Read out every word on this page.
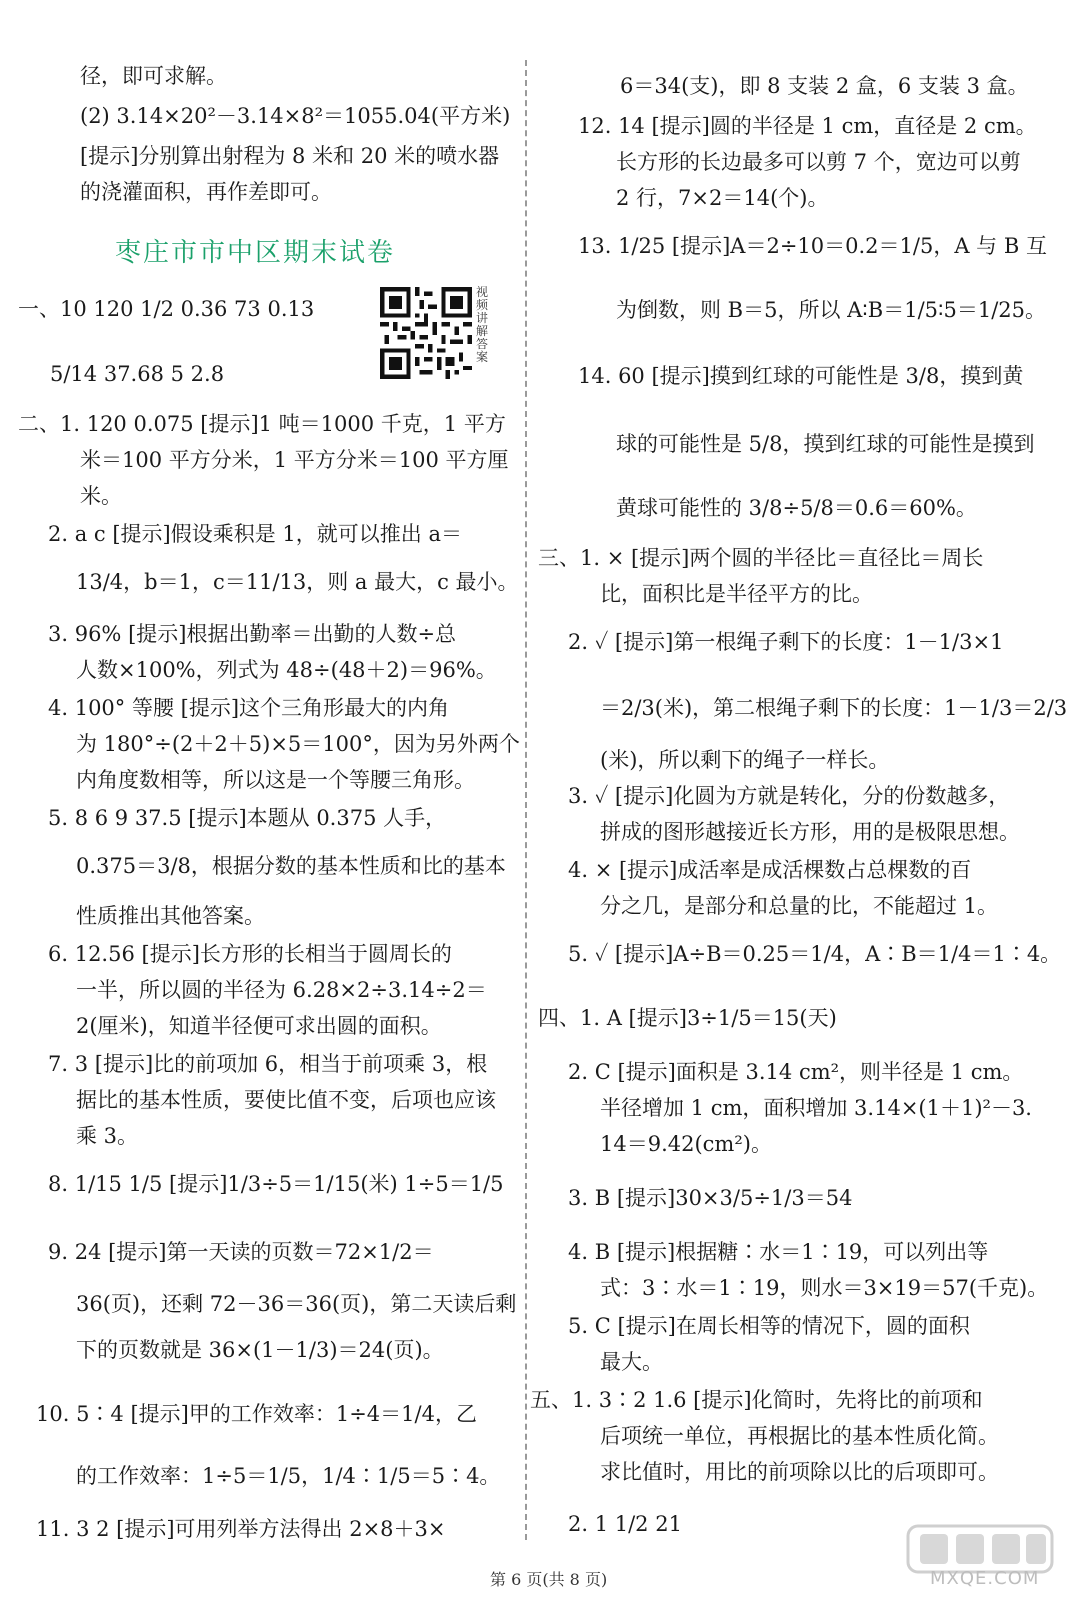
径，即可求解。
(2) 3.14×20²－3.14×8²＝1055.04(平方米)
[提示]分别算出射程为 8 米和 20 米的喷水器
的浇灌面积，再作差即可。
一、10 120 1/2 0.36 73 0.13
5/14 37.68 5 2.8
二、1. 120 0.075 [提示]1 吨＝1000 千克，1 平方
米＝100 平方分米，1 平方分米＝100 平方厘
米。
2. a c [提示]假设乘积是 1，就可以推出 a＝
13/4，b＝1，c＝11/13，则 a 最大，c 最小。
3. 96% [提示]根据出勤率＝出勤的人数÷总
人数×100%，列式为 48÷(48＋2)＝96%。
4. 100° 等腰 [提示]这个三角形最大的内角
为 180°÷(2＋2＋5)×5＝100°，因为另外两个
内角度数相等，所以这是一个等腰三角形。
5. 8 6 9 37.5 [提示]本题从 0.375 人手，
0.375＝3/8，根据分数的基本性质和比的基本
性质推出其他答案。
6. 12.56 [提示]长方形的长相当于圆周长的
一半，所以圆的半径为 6.28×2÷3.14÷2＝
2(厘米)，知道半径便可求出圆的面积。
7. 3 [提示]比的前项加 6，相当于前项乘 3，根
据比的基本性质，要使比值不变，后项也应该
乘 3。
8. 1/15 1/5 [提示]1/3÷5＝1/15(米) 1÷5＝1/5
9. 24 [提示]第一天读的页数＝72×1/2＝
36(页)，还剩 72－36＝36(页)，第二天读后剩
下的页数就是 36×(1－1/3)＝24(页)。
10. 5∶4 [提示]甲的工作效率：1÷4＝1/4，乙
的工作效率：1÷5＝1/5，1/4∶1/5＝5∶4。
11. 3 2 [提示]可用列举方法得出 2×8＋3×
6＝34(支)，即 8 支装 2 盒，6 支装 3 盒。
12. 14 [提示]圆的半径是 1 cm，直径是 2 cm。
长方形的长边最多可以剪 7 个，宽边可以剪
2 行，7×2＝14(个)。
13. 1/25 [提示]A＝2÷10＝0.2＝1/5，A 与 B 互
为倒数，则 B＝5，所以 A∶B＝1/5∶5＝1/25。
14. 60 [提示]摸到红球的可能性是 3/8，摸到黄
球的可能性是 5/8，摸到红球的可能性是摸到
黄球可能性的 3/8÷5/8＝0.6＝60%。
三、1. × [提示]两个圆的半径比＝直径比＝周长
比，面积比是半径平方的比。
2. ✓ [提示]第一根绳子剩下的长度：1－1/3×1
＝2/3(米)，第二根绳子剩下的长度：1－1/3＝2/3
(米)，所以剩下的绳子一样长。
3. ✓ [提示]化圆为方就是转化，分的份数越多，
拼成的图形越接近长方形，用的是极限思想。
4. × [提示]成活率是成活棵数占总棵数的百
分之几，是部分和总量的比，不能超过 1。
5. ✓ [提示]A÷B＝0.25＝1/4，A∶B＝1/4＝1∶4。
四、1. A [提示]3÷1/5＝15(天)
2. C [提示]面积是 3.14 cm²，则半径是 1 cm。
半径增加 1 cm，面积增加 3.14×(1＋1)²－3.
14＝9.42(cm²)。
3. B [提示]30×3/5÷1/3＝54
4. B [提示]根据糖∶水＝1∶19，可以列出等
式：3∶水＝1∶19，则水＝3×19＝57(千克)。
5. C [提示]在周长相等的情况下，圆的面积
最大。
五、1. 3∶2 1.6 [提示]化简时，先将比的前项和
后项统一单位，再根据比的基本性质化简。
求比值时，用比的前项除以比的后项即可。
2. 1 1/2 21
枣庄市市中区期末试卷
视频讲解答案
第 6 页(共 8 页)	MXQE.COM
